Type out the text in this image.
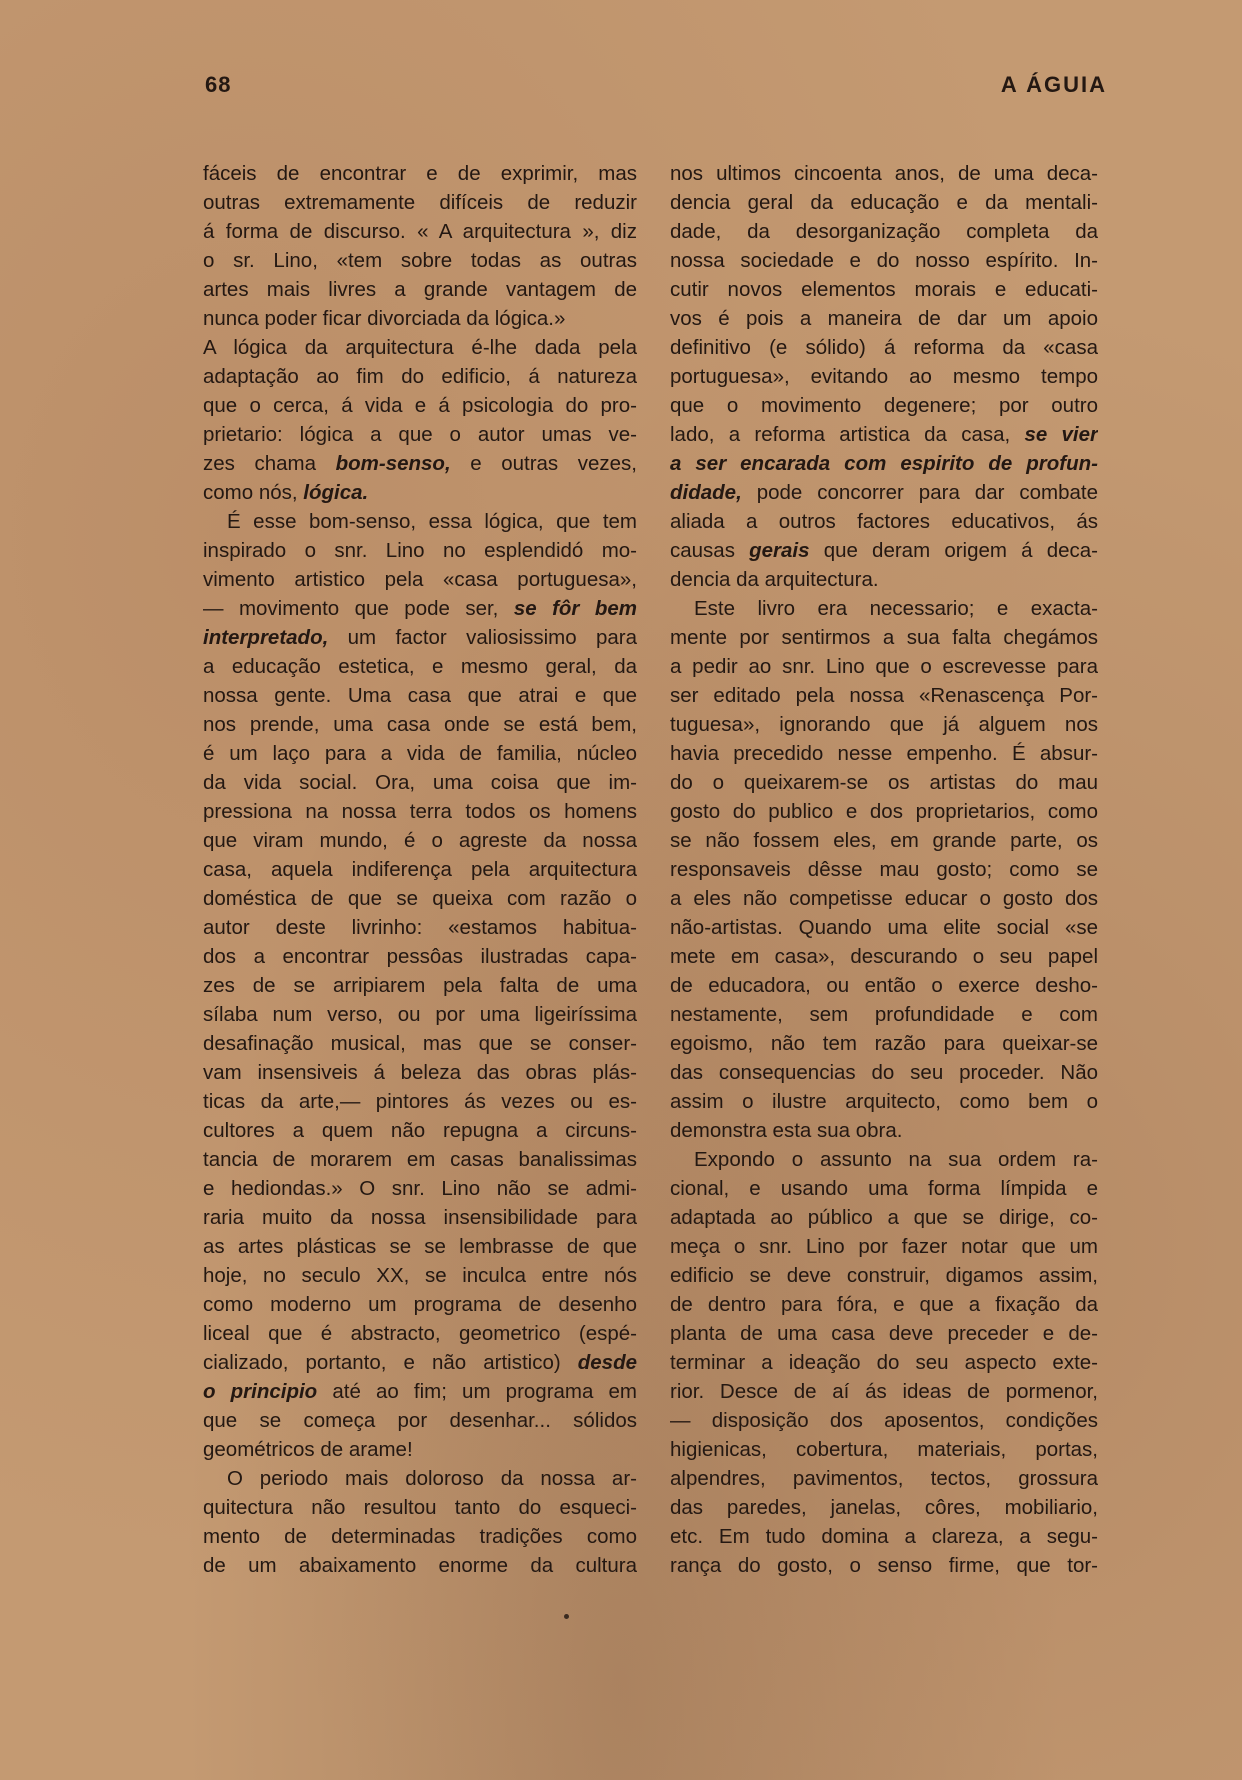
68	A ÁGUIA
fáceis de encontrar e de exprimir, mas
outras extremamente difíceis de reduzir
á forma de discurso. « A arquitectura », diz
o sr. Lino, «tem sobre todas as outras
artes mais livres a grande vantagem de
nunca poder ficar divorciada da lógica.»
A lógica da arquitectura é-lhe dada pela
adaptação ao fim do edificio, á natureza
que o cerca, á vida e á psicologia do pro-
prietario: lógica a que o autor umas ve-
zes chama bom-senso, e outras vezes,
como nós, lógica.
É esse bom-senso, essa lógica, que tem
inspirado o snr. Lino no esplendidó mo-
vimento artistico pela «casa portuguesa»,
— movimento que pode ser, se fôr bem
interpretado, um factor valiosissimo para
a educação estetica, e mesmo geral, da
nossa gente. Uma casa que atrai e que
nos prende, uma casa onde se está bem,
é um laço para a vida de familia, núcleo
da vida social. Ora, uma coisa que im-
pressiona na nossa terra todos os homens
que viram mundo, é o agreste da nossa
casa, aquela indiferença pela arquitectura
doméstica de que se queixa com razão o
autor deste livrinho: «estamos habitua-
dos a encontrar pessôas ilustradas capa-
zes de se arripiarem pela falta de uma
sílaba num verso, ou por uma ligeiríssima
desafinação musical, mas que se conser-
vam insensiveis á beleza das obras plás-
ticas da arte,— pintores ás vezes ou es-
cultores a quem não repugna a circuns-
tancia de morarem em casas banalissimas
e hediondas.» O snr. Lino não se admi-
raria muito da nossa insensibilidade para
as artes plásticas se se lembrasse de que
hoje, no seculo XX, se inculca entre nós
como moderno um programa de desenho
liceal que é abstracto, geometrico (espé-
cializado, portanto, e não artistico) desde
o principio até ao fim; um programa em
que se começa por desenhar... sólidos
geométricos de arame!
O periodo mais doloroso da nossa ar-
quitectura não resultou tanto do esqueci-
mento de determinadas tradições como
de um abaixamento enorme da cultura
nos ultimos cincoenta anos, de uma deca-
dencia geral da educação e da mentali-
dade, da desorganização completa da
nossa sociedade e do nosso espírito. In-
cutir novos elementos morais e educati-
vos é pois a maneira de dar um apoio
definitivo (e sólido) á reforma da «casa
portuguesa», evitando ao mesmo tempo
que o movimento degenere; por outro
lado, a reforma artistica da casa, se vier
a ser encarada com espirito de profun-
didade, pode concorrer para dar combate
aliada a outros factores educativos, ás
causas gerais que deram origem á deca-
dencia da arquitectura.
Este livro era necessario; e exacta-
mente por sentirmos a sua falta chegámos
a pedir ao snr. Lino que o escrevesse para
ser editado pela nossa «Renascença Por-
tuguesa», ignorando que já alguem nos
havia precedido nesse empenho. É absur-
do o queixarem-se os artistas do mau
gosto do publico e dos proprietarios, como
se não fossem eles, em grande parte, os
responsaveis dêsse mau gosto; como se
a eles não competisse educar o gosto dos
não-artistas. Quando uma elite social «se
mete em casa», descurando o seu papel
de educadora, ou então o exerce desho-
nestamente, sem profundidade e com
egoismo, não tem razão para queixar-se
das consequencias do seu proceder. Não
assim o ilustre arquitecto, como bem o
demonstra esta sua obra.
Expondo o assunto na sua ordem ra-
cional, e usando uma forma límpida e
adaptada ao público a que se dirige, co-
meça o snr. Lino por fazer notar que um
edificio se deve construir, digamos assim,
de dentro para fóra, e que a fixação da
planta de uma casa deve preceder e de-
terminar a ideação do seu aspecto exte-
rior. Desce de aí ás ideas de pormenor,
— disposição dos aposentos, condições
higienicas, cobertura, materiais, portas,
alpendres, pavimentos, tectos, grossura
das paredes, janelas, côres, mobiliario,
etc. Em tudo domina a clareza, a segu-
rança do gosto, o senso firme, que tor-
